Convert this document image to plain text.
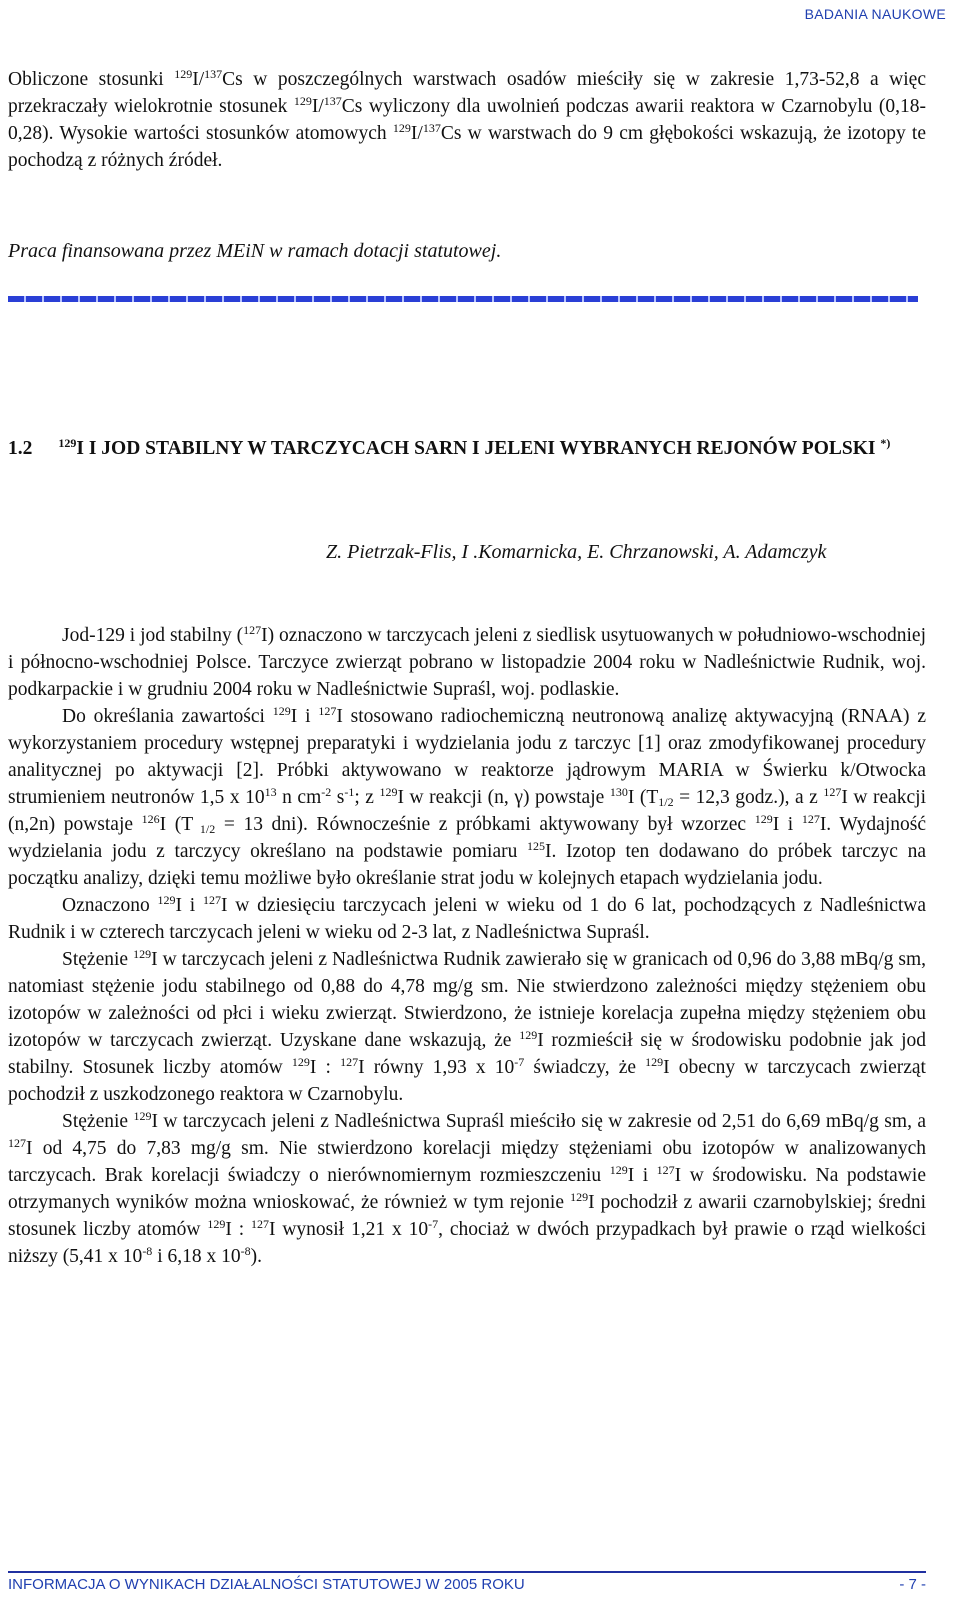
BADANIA NAUKOWE

Obliczone stosunki $^{129}$I/$^{137}$Cs w poszczególnych warstwach osadów mieściły się w zakresie 1,73-52,8 a więc przekraczały wielokrotnie stosunek $^{129}$I/$^{137}$Cs wyliczony dla uwolnień podczas awarii reaktora w Czarnobylu (0,18-0,28). Wysokie wartości stosunków atomowych $^{129}$I/$^{137}$Cs w warstwach do 9 cm głębokości wskazują, że izotopy te pochodzą z różnych źródeł.

Praca finansowana przez MEiN w ramach dotacji statutowej.
1.2 $^{129}$I I JOD STABILNY W TARCZYCACH SARN I JELENI WYBRANYCH REJONÓW POLSKI *)
Z. Pietrzak-Flis, I .Komarnicka, E. Chrzanowski, A. Adamczyk

Jod-129 i jod stabilny ($^{127}$I) oznaczono w tarczycach jeleni z siedlisk usytuowanych w południowo-wschodniej i północno-wschodniej Polsce. Tarczyce zwierząt pobrano w listopadzie 2004 roku w Nadleśnictwie Rudnik, woj. podkarpackie i w grudniu 2004 roku w Nadleśnictwie Supraśl, woj. podlaskie.

Do określania zawartości $^{129}$I i $^{127}$I stosowano radiochemiczną neutronową analizę aktywacyjną (RNAA) z wykorzystaniem procedury wstępnej preparatyki i wydzielania jodu z tarczyc [1] oraz zmodyfikowanej procedury analitycznej po aktywacji [2]. Próbki aktywowano w reaktorze jądrowym MARIA w Świerku k/Otwocka strumieniem neutronów 1,5 x $10^{13}$ n $cm^{-2}$ $s^{-1}$; z $^{129}$I w reakcji (n, γ) powstaje $^{130}$I ($T_{1/2} = 12,3$ godz.), a z $^{127}$I w reakcji (n,2n) powstaje $^{126}$I (T $_{1/2}$ = 13 dni). Równocześnie z próbkami aktywowany był wzorzec $^{129}$I i $^{127}$I. Wydajność wydzielania jodu z tarczycy określano na podstawie pomiaru $^{125}$I. Izotop ten dodawano do próbek tarczyc na początku analizy, dzięki temu możliwe było określanie strat jodu w kolejnych etapach wydzielania jodu.

Oznaczono $^{129}$I i $^{127}$I w dziesięciu tarczycach jeleni w wieku od 1 do 6 lat, pochodzących z Nadleśnictwa Rudnik i w czterech tarczycach jeleni w wieku od 2-3 lat, z Nadleśnictwa Supraśl.

Stężenie $^{129}$I w tarczycach jeleni z Nadleśnictwa Rudnik zawierało się w granicach od 0,96 do 3,88 mBq/g sm, natomiast stężenie jodu stabilnego od 0,88 do 4,78 mg/g sm. Nie stwierdzono zależności między stężeniem obu izotopów w zależności od płci i wieku zwierząt. Stwierdzono, że istnieje korelacja zupełna między stężeniem obu izotopów w tarczycach zwierząt. Uzyskane dane wskazują, że $^{129}$I rozmieścił się w środowisku podobnie jak jod stabilny. Stosunek liczby atomów $^{129}$I : $^{127}$I równy 1,93 x $10^{-7}$ świadczy, że $^{129}$I obecny w tarczycach zwierząt pochodził z uszkodzonego reaktora w Czarnobylu.

Stężenie $^{129}$I w tarczycach jeleni z Nadleśnictwa Supraśl mieściło się w zakresie od 2,51 do 6,69 mBq/g sm, a $^{127}$I od 4,75 do 7,83 mg/g sm. Nie stwierdzono korelacji między stężeniami obu izotopów w analizowanych tarczycach. Brak korelacji świadczy o nierównomiernym rozmieszczeniu $^{129}$I i $^{127}$I w środowisku. Na podstawie otrzymanych wyników można wnioskować, że również w tym rejonie $^{129}$I pochodził z awarii czarnobylskiej; średni stosunek liczby atomów $^{129}$I : $^{127}$I wynosił 1,21 x $10^{-7}$, chociaż w dwóch przypadkach był prawie o rząd wielkości niższy (5,41 x $10^{-8}$ i 6,18 x $10^{-8}$).

INFORMACJA O WYNIKACH DZIAŁALNOŚCI STATUTOWEJ W 2005 ROKU	- 7 -
